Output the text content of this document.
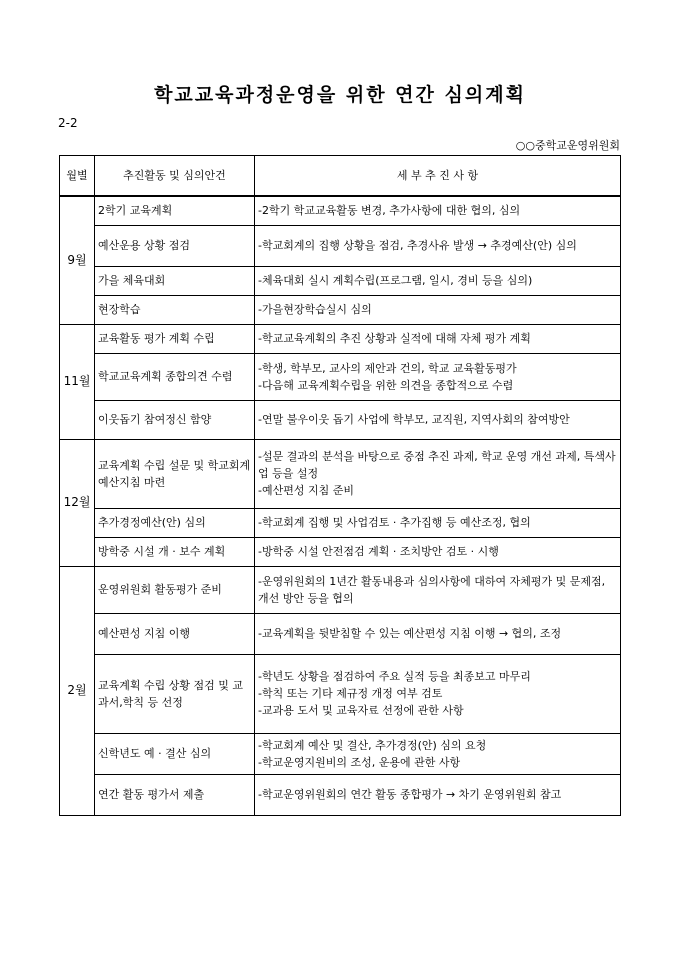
학교교육과정운영을 위한 연간 심의계획
2-2
○○중학교운영위원회
월별	추진활동 및 심의안건	세 부 추 진 사 항
9월	2학기 교육계획	-2학기 학교교육활동 변경, 추가사항에 대한 협의, 심의

	예산운용 상황 점검	-학교회계의 집행 상황을 점검, 추경사유 발생 → 추경예산(안) 심의

	가을 체육대회	-체육대회 실시 계획수립(프로그램, 일시, 경비 등을 심의)

	현장학습	-가을현장학습실시 심의

11월	교육활동 평가 계획 수립	-학교교육계획의 추진 상황과 실적에 대해 자체 평가 계획

	학교교육계획 종합의견 수렴	-학생, 학부모, 교사의 제안과 건의, 학교 교육활동평가
-다음해 교육계획수립을 위한 의견을 종합적으로 수렴

	이웃돕기 참여정신 함양	-연말 불우이웃 돕기 사업에 학부모, 교직원, 지역사회의 참여방안

12월	교육계획 수립 설문 및 학교회계 예산지침 마련	-설문 결과의 분석을 바탕으로 중점 추진 과제, 학교 운영 개선 과제, 특색사업 등을 설정
-예산편성 지침 준비

	추가경정예산(안) 심의	-학교회계 집행 및 사업검토 · 추가집행 등 예산조정, 협의

	방학중 시설 개 · 보수 계획	-방학중 시설 안전점검 계획 · 조치방안 검토 · 시행

2월	운영위원회 활동평가 준비	-운영위원회의 1년간 활동내용과 심의사항에 대하여 자체평가 및 문제점, 개선 방안 등을 협의

	예산편성 지침 이행	-교육계획을 뒷받침할 수 있는 예산편성 지침 이행 → 협의, 조정

	교육계획 수립 상황 점검 및 교과서,학칙 등 선정	-학년도 상황을 점검하여 주요 실적 등을 최종보고 마무리
-학칙 또는 기타 제규정 개정 여부 검토
-교과용 도서 및 교육자료 선정에 관한 사항

	신학년도 예 · 결산 심의	-학교회계 예산 및 결산, 추가경정(안) 심의 요청
-학교운영지원비의 조성, 운용에 관한 사항

	연간 활동 평가서 제출	-학교운영위원회의 연간 활동 종합평가 → 차기 운영위원회 참고
